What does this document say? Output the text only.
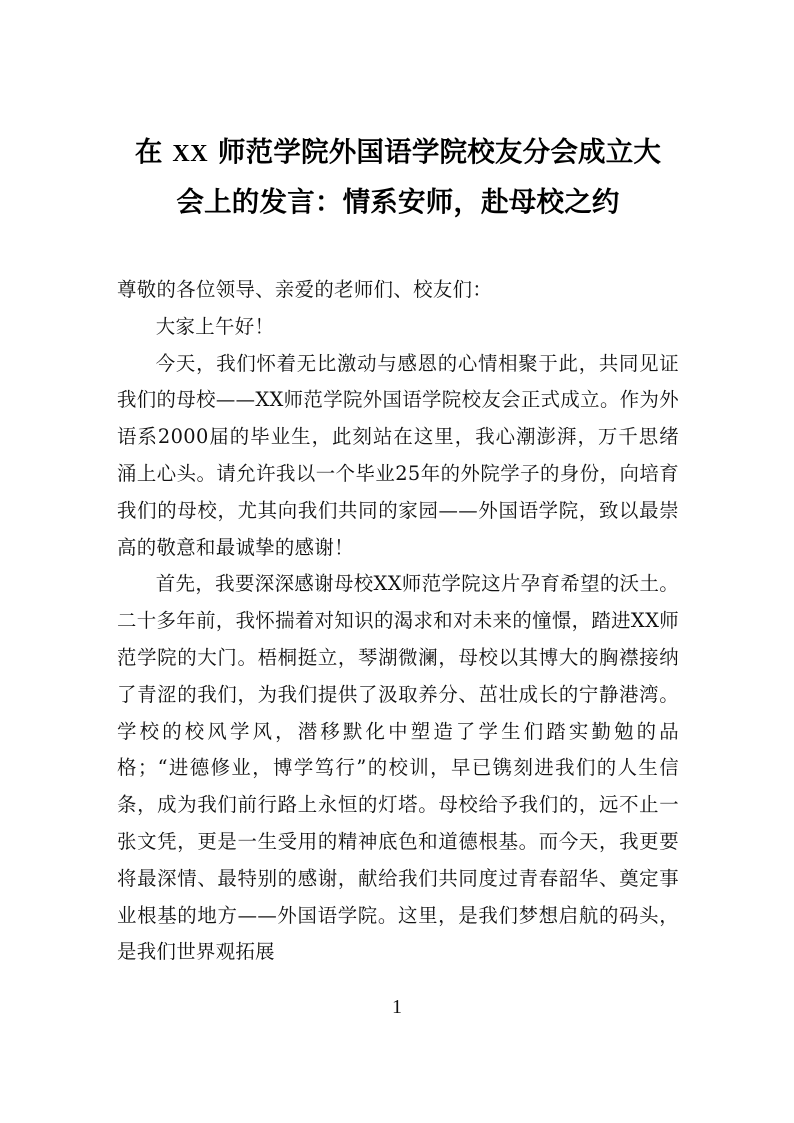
在 XX 师范学院外国语学院校友分会成立大
会上的发言：情系安师，赴母校之约

尊敬的各位领导、亲爱的老师们、校友们：

大家上午好！

今天，我们怀着无比激动与感恩的心情相聚于此，共同见证我们的母校——XX师范学院外国语学院校友会正式成立。作为外语系2000届的毕业生，此刻站在这里，我心潮澎湃，万千思绪涌上心头。请允许我以一个毕业25年的外院学子的身份，向培育我们的母校，尤其向我们共同的家园——外国语学院，致以最崇高的敬意和最诚挚的感谢！

首先，我要深深感谢母校XX师范学院这片孕育希望的沃土。二十多年前，我怀揣着对知识的渴求和对未来的憧憬，踏进XX师范学院的大门。梧桐挺立，琴湖微澜，母校以其博大的胸襟接纳了青涩的我们，为我们提供了汲取养分、茁壮成长的宁静港湾。学校的校风学风，潜移默化中塑造了学生们踏实勤勉的品格；“进德修业，博学笃行”的校训，早已镌刻进我们的人生信条，成为我们前行路上永恒的灯塔。母校给予我们的，远不止一张文凭，更是一生受用的精神底色和道德根基。而今天，我更要将最深情、最特别的感谢，献给我们共同度过青春韶华、奠定事业根基的地方——外国语学院。这里，是我们梦想启航的码头，是我们世界观拓展

1
